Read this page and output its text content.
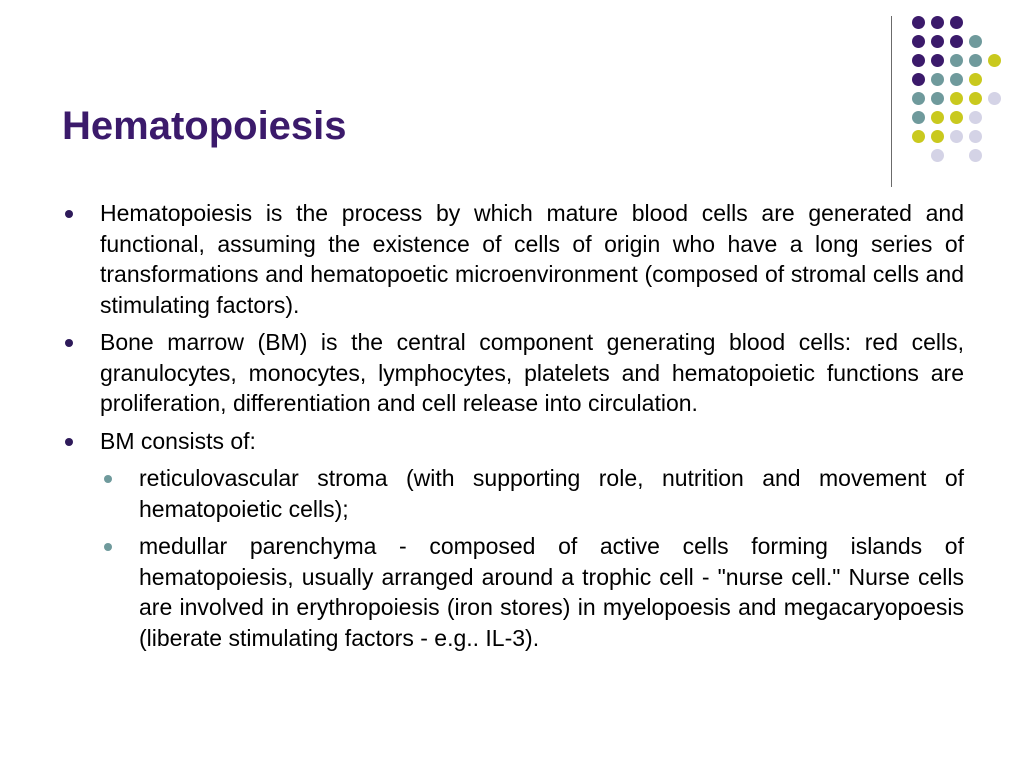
Hematopoiesis
Hematopoiesis is the process by which mature blood cells are generated and functional, assuming the existence of cells of origin who have a long series of transformations and hematopoetic microenvironment (composed of stromal cells and stimulating factors).
Bone marrow (BM) is the central component generating blood cells: red cells, granulocytes, monocytes, lymphocytes, platelets and hematopoietic functions are proliferation, differentiation and cell release into circulation.
BM consists of:
reticulovascular stroma (with supporting role, nutrition and movement of hematopoietic cells);
medullar parenchyma - composed of active cells forming islands of hematopoiesis, usually arranged around a trophic cell - "nurse cell." Nurse cells are involved in erythropoiesis (iron stores) in myelopoesis and megacaryopoesis (liberate stimulating factors - e.g.. IL-3).
